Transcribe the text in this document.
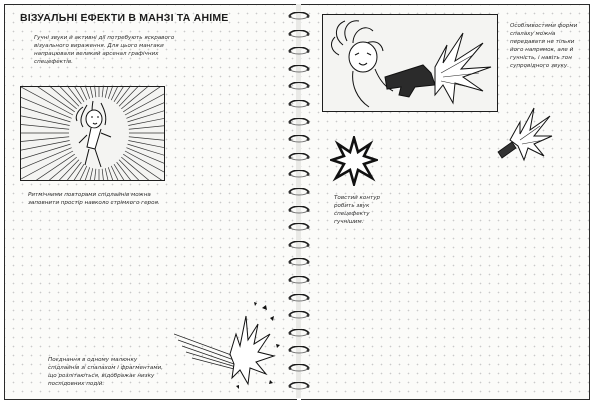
ВІЗУАЛЬНІ ЕФЕКТИ В МАНЗІ ТА АНІМЕ
Гучні звуки й активні дії потребують яскравого візуального вираження. Для цього мангаки напрацювали великий арсенал графічних спецефектів.
Ритмічними повторами спідлайнів можна заповнити простір навколо стрімкого героя.
Поєднання в одному малюнку спідлайнів зі спалахом і фрагментами, що розлітаються, відображає низку послідовних подій.
Особливостями форми спалаху можна передавати не тільки його напрямок, але й гучність, і навіть тон супровідного звуку.
Товстий контур робить звук спецефекту гучнішим.
